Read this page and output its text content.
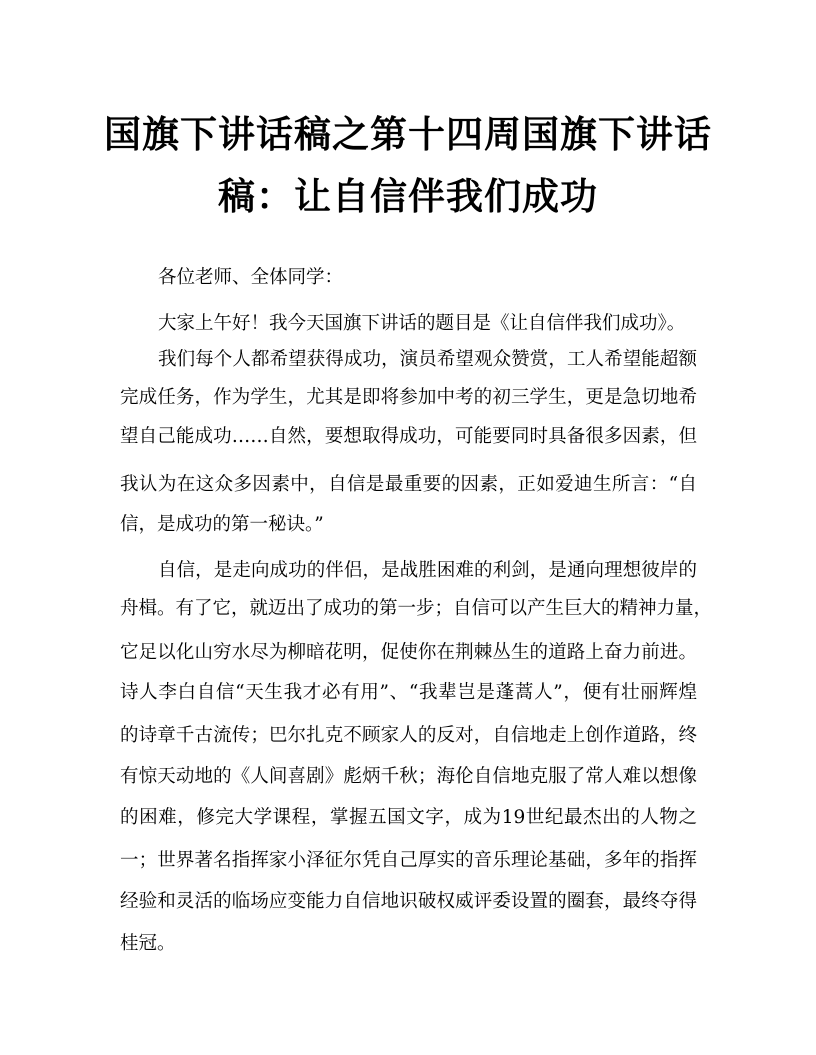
国旗下讲话稿之第十四周国旗下讲话
稿：让自信伴我们成功
各位老师、全体同学：
大家上午好！我今天国旗下讲话的题目是《让自信伴我们成功》。
我们每个人都希望获得成功，演员希望观众赞赏，工人希望能超额
完成任务，作为学生，尤其是即将参加中考的初三学生，更是急切地希
望自己能成功……自然，要想取得成功，可能要同时具备很多因素，但
我认为在这众多因素中，自信是最重要的因素，正如爱迪生所言：“自
信，是成功的第一秘诀。”
自信，是走向成功的伴侣，是战胜困难的利剑，是通向理想彼岸的
舟楫。有了它，就迈出了成功的第一步；自信可以产生巨大的精神力量，
它足以化山穷水尽为柳暗花明，促使你在荆棘丛生的道路上奋力前进。
诗人李白自信“天生我才必有用”、“我辈岂是蓬蒿人”，便有壮丽辉煌
的诗章千古流传；巴尔扎克不顾家人的反对，自信地走上创作道路，终
有惊天动地的《人间喜剧》彪炳千秋；海伦自信地克服了常人难以想像
的困难，修完大学课程，掌握五国文字，成为19世纪最杰出的人物之
一；世界著名指挥家小泽征尔凭自己厚实的音乐理论基础，多年的指挥
经验和灵活的临场应变能力自信地识破权威评委设置的圈套，最终夺得
桂冠。
